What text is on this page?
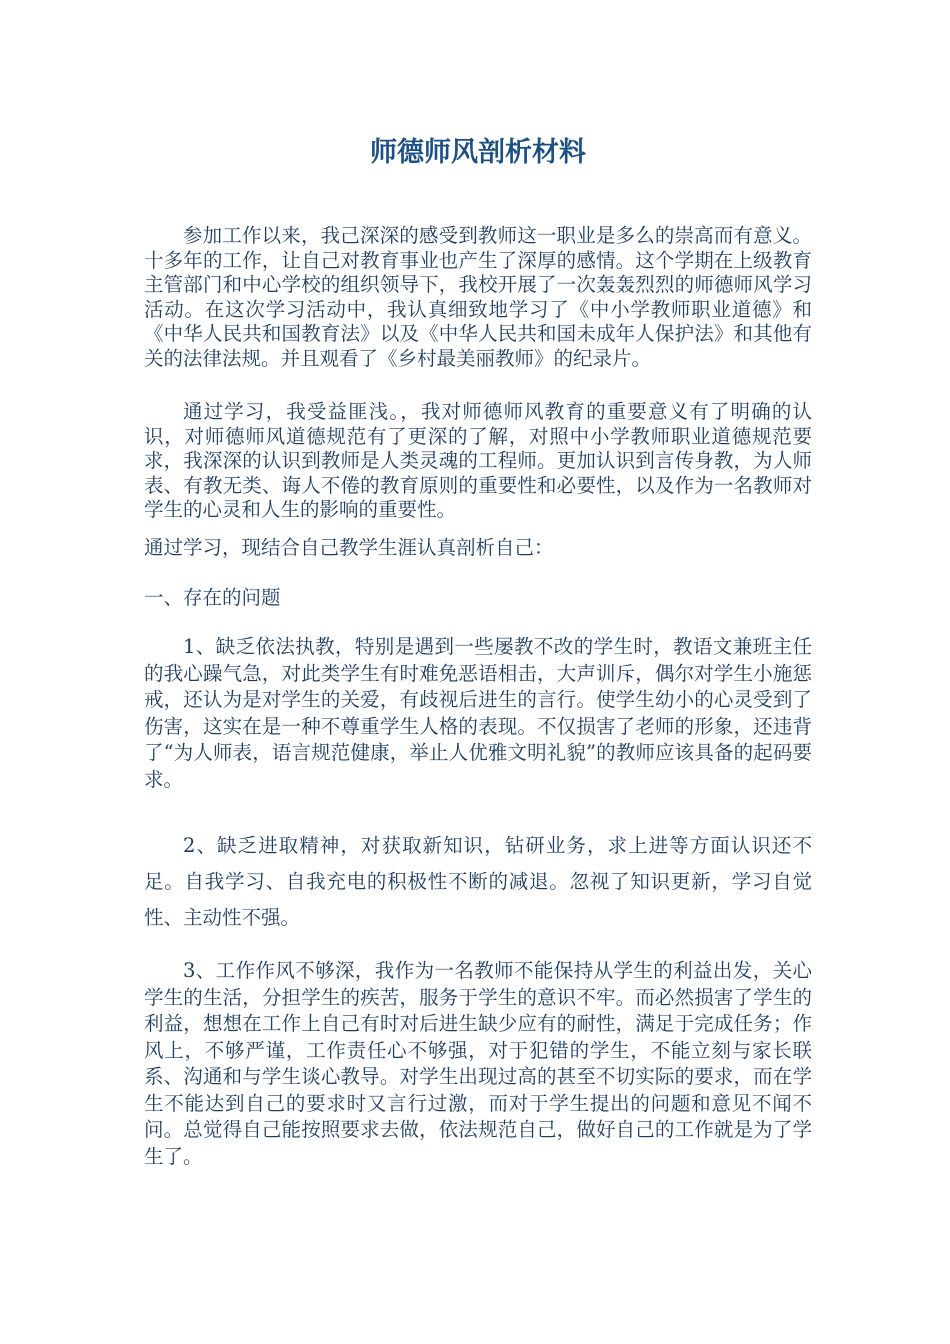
师德师风剖析材料

参加工作以来，我己深深的感受到教师这一职业是多么的崇高而有意义。十多年的工作，让自己对教育事业也产生了深厚的感情。这个学期在上级教育主管部门和中心学校的组织领导下，我校开展了一次轰轰烈烈的师德师风学习活动。在这次学习活动中，我认真细致地学习了《中小学教师职业道德》和《中华人民共和国教育法》以及《中华人民共和国未成年人保护法》和其他有关的法律法规。并且观看了《乡村最美丽教师》的纪录片。

通过学习，我受益匪浅。，我对师德师风教育的重要意义有了明确的认识，对师德师风道德规范有了更深的了解，对照中小学教师职业道德规范要求，我深深的认识到教师是人类灵魂的工程师。更加认识到言传身教，为人师表、有教无类、诲人不倦的教育原则的重要性和必要性，以及作为一名教师对学生的心灵和人生的影响的重要性。

通过学习，现结合自己教学生涯认真剖析自己：

一、存在的问题

1、缺乏依法执教，特别是遇到一些屡教不改的学生时，教语文兼班主任的我心躁气急，对此类学生有时难免恶语相击，大声训斥，偶尔对学生小施惩戒，还认为是对学生的关爱，有歧视后进生的言行。使学生幼小的心灵受到了伤害，这实在是一种不尊重学生人格的表现。不仅损害了老师的形象，还违背了“为人师表，语言规范健康，举止人优雅文明礼貌”的教师应该具备的起码要求。

2、缺乏进取精神，对获取新知识，钻研业务，求上进等方面认识还不足。自我学习、自我充电的积极性不断的减退。忽视了知识更新，学习自觉性、主动性不强。

3、工作作风不够深，我作为一名教师不能保持从学生的利益出发，关心学生的生活，分担学生的疾苦，服务于学生的意识不牢。而必然损害了学生的利益，想想在工作上自己有时对后进生缺少应有的耐性，满足于完成任务；作风上，不够严谨，工作责任心不够强，对于犯错的学生，不能立刻与家长联系、沟通和与学生谈心教导。对学生出现过高的甚至不切实际的要求，而在学生不能达到自己的要求时又言行过激，而对于学生提出的问题和意见不闻不问。总觉得自己能按照要求去做，依法规范自己，做好自己的工作就是为了学生了。
